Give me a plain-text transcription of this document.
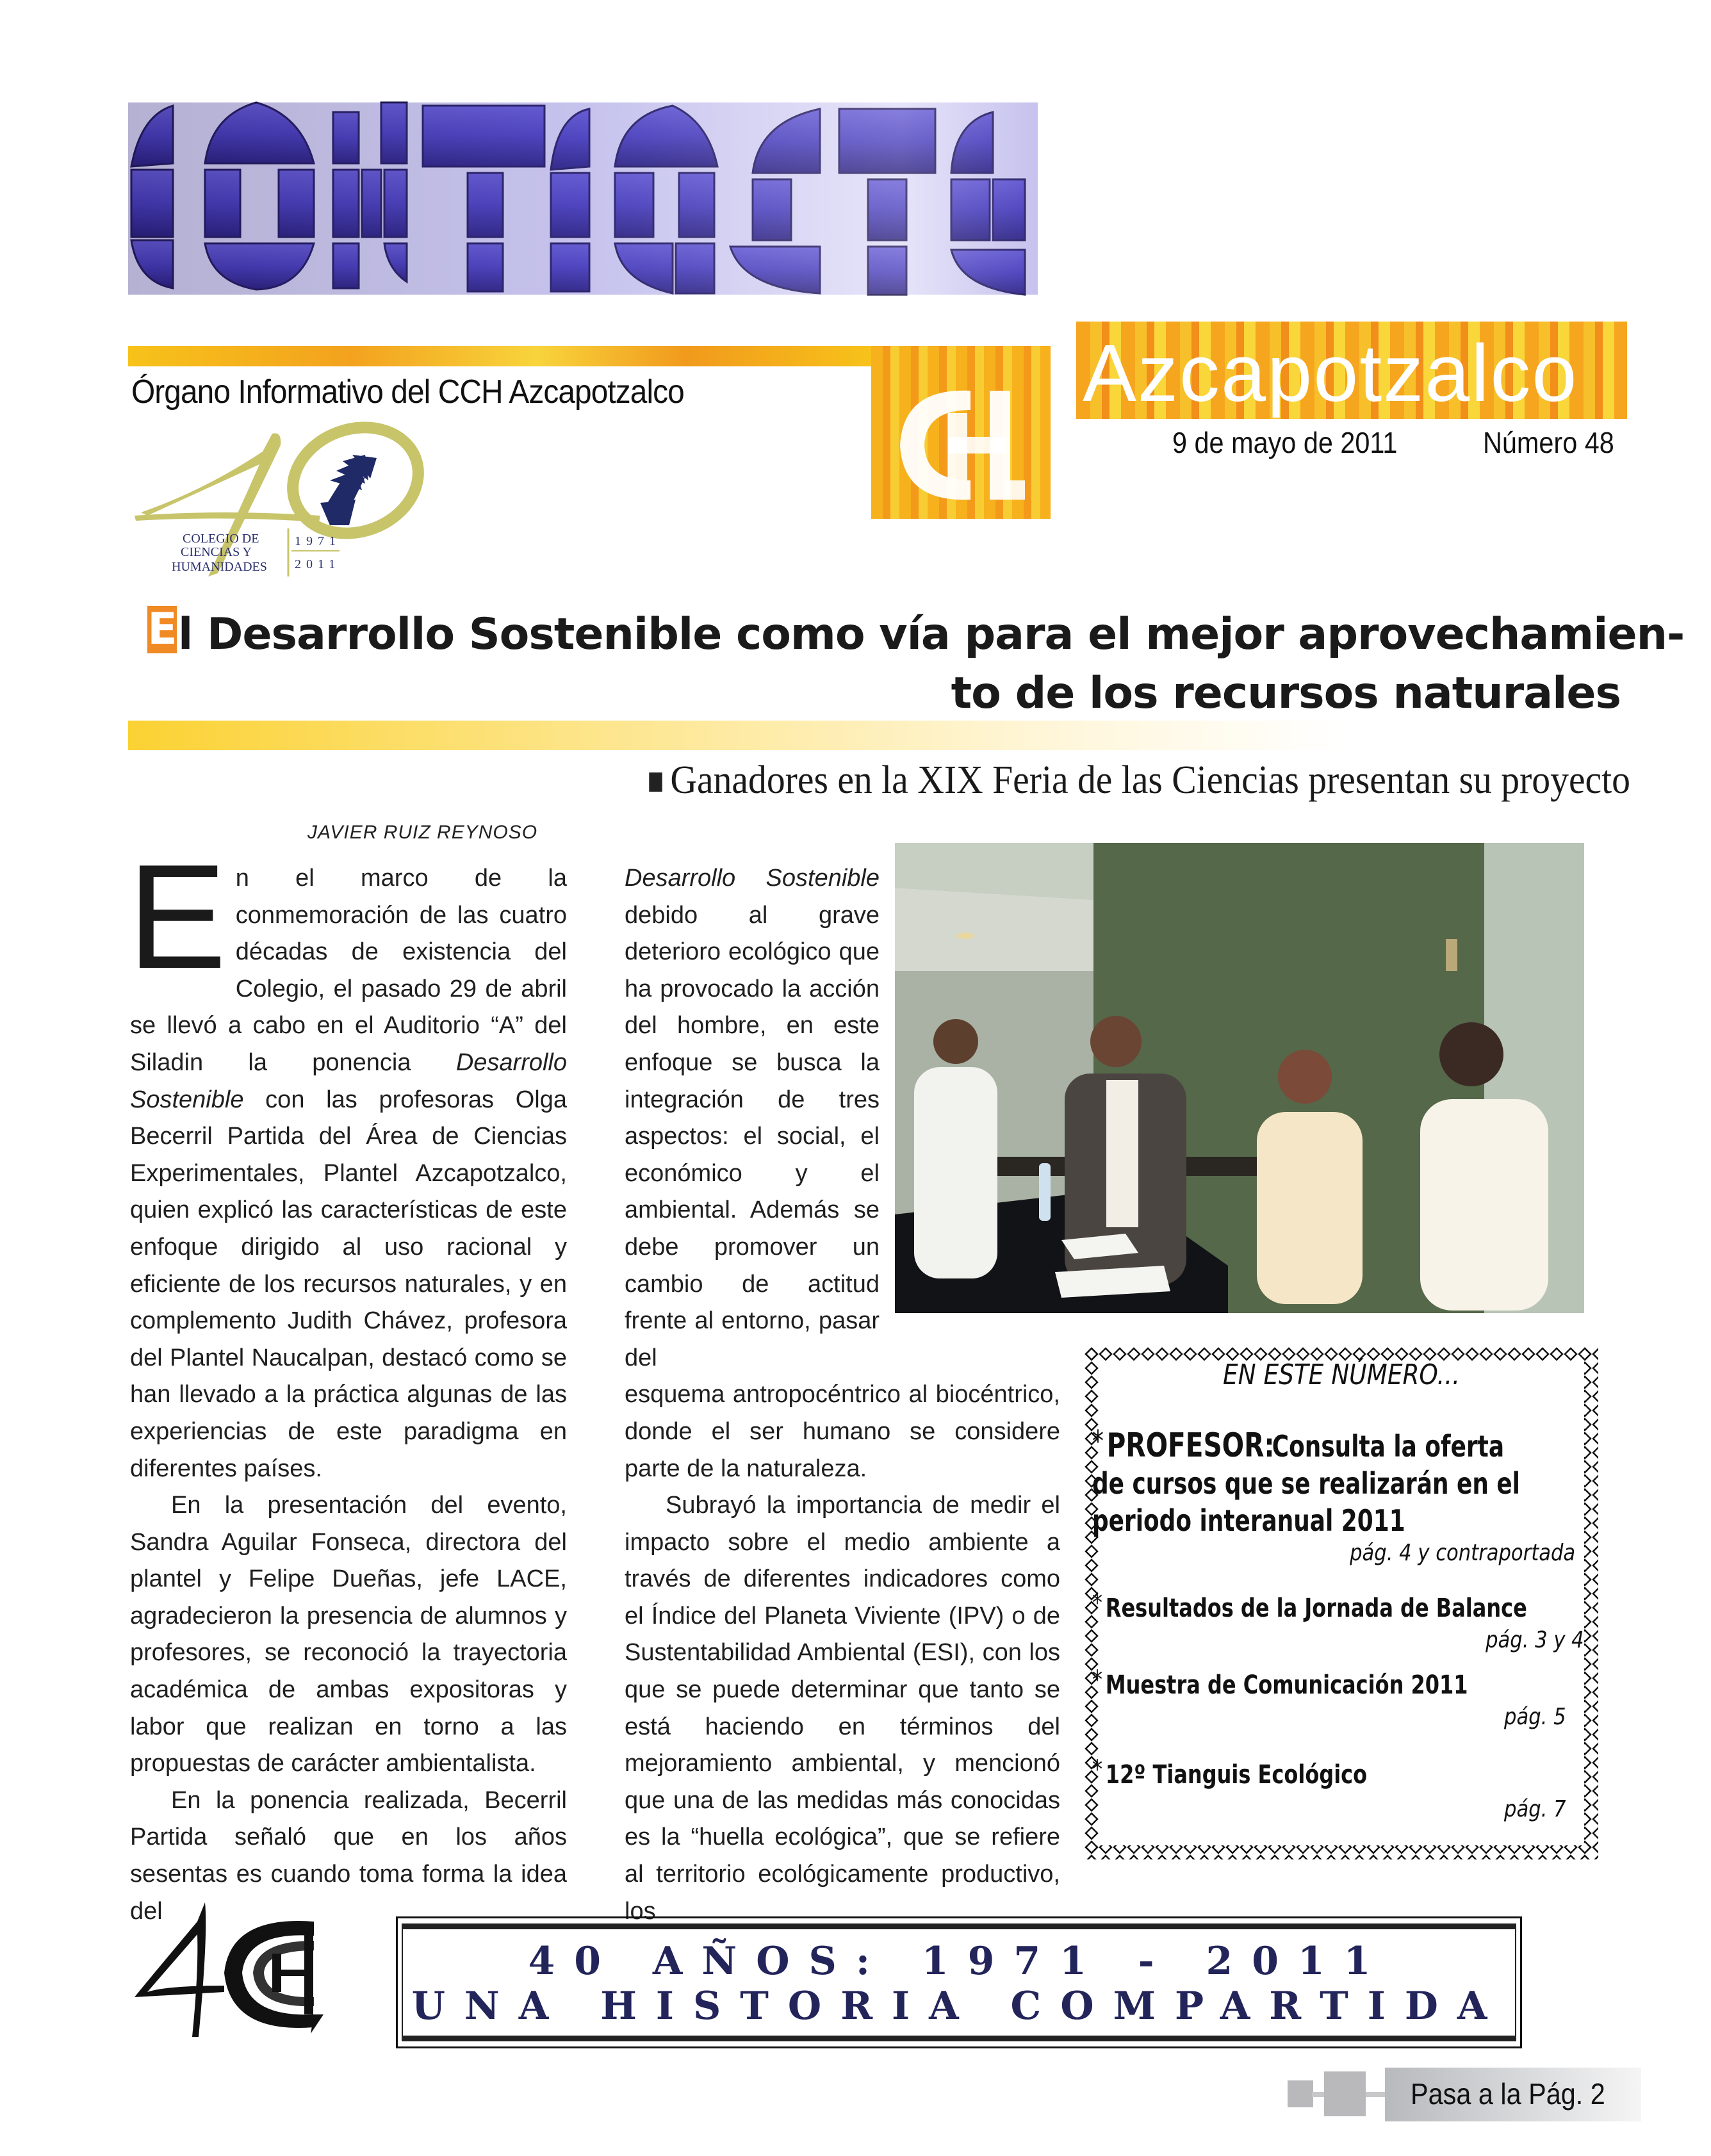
Azcapotzalco
Órgano Informativo del CCH Azcapotzalco
9 de mayo de 2011	Número 48
COLEGIO DE
CIENCIAS Y
HUMANIDADES
1971
2011
El Desarrollo Sostenible como vía para el mejor aprovechamien-
to de los recursos naturales
Ganadores en la XIX Feria de las Ciencias presentan su proyecto
JAVIER RUIZ REYNOSO

En el marco de la conmemoración de las cuatro décadas de existencia del Colegio, el pasado 29 de abril se llevó a cabo en el Auditorio “A” del Siladin la ponencia Desarrollo Sostenible con las profesoras Olga Becerril Partida del Área de Ciencias Experimentales, Plantel Azcapotzalco, quien explicó las características de este enfoque dirigido al uso racional y eficiente de los recursos naturales, y en complemento Judith Chávez, profesora del Plantel Naucalpan, destacó como se han llevado a la práctica algunas de las experiencias de este paradigma en diferentes países.

En la presentación del evento, Sandra Aguilar Fonseca, directora del plantel y Felipe Dueñas, jefe LACE, agradecieron la presencia de alumnos y profesores, se reconoció la trayectoria académica de ambas expositoras y labor que realizan en torno a las propuestas de carácter ambientalista.

En la ponencia realizada, Becerril Partida señaló que en los años sesentas es cuando toma forma la idea del

Desarrollo Sostenible debido al grave deterioro ecológico que ha provocado la acción del hombre, en este enfoque se busca la integración de tres aspectos: el social, el económico y el ambiental. Además se debe promover un cambio de actitud frente al entorno, pasar del

esquema antropocéntrico al biocéntrico, donde el ser humano se considere parte de la naturaleza.

Subrayó la importancia de medir el impacto sobre el medio ambiente a través de diferentes indicadores como el Índice del Planeta Viviente (IPV) o de Sustentabilidad Ambiental (ESI), con los que se puede determinar que tanto se está haciendo en términos del mejoramiento ambiental, y mencionó que una de las medidas más conocidas es la “huella ecológica”, que se refiere al territorio ecológicamente productivo, los

EN ESTE NÚMERO...
*PROFESOR:
Consulta la oferta de cursos que se realizarán en el periodo interanual 2011
pág. 4 y contraportada
* Resultados de la Jornada de Balance
pág. 3 y 4
* Muestra de Comunicación 2011
pág. 5
* 12º Tianguis Ecológico
pág. 7
40 AÑOS: 1971 - 2011
UNA HISTORIA COMPARTIDA
Pasa a la Pág. 2
